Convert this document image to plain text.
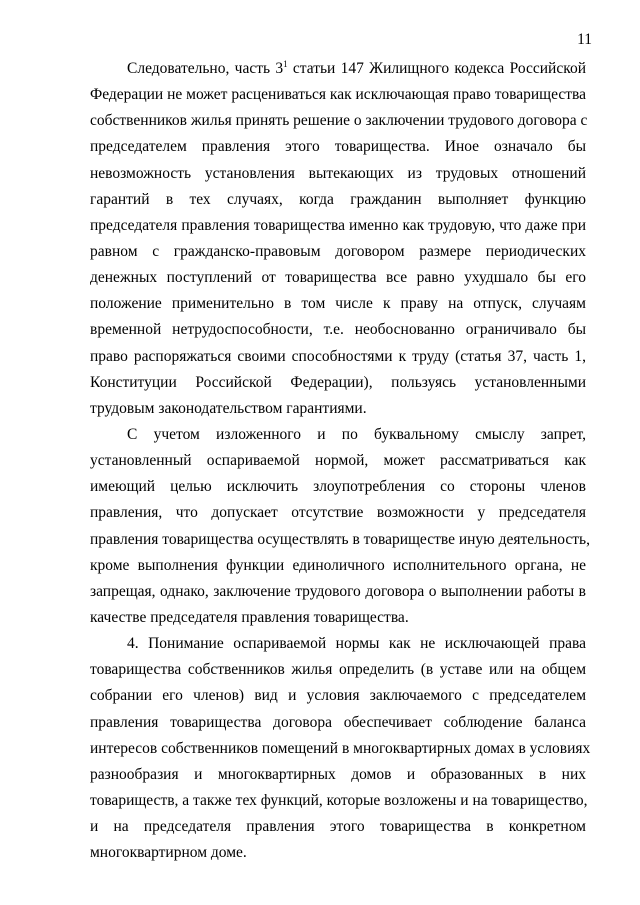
11
Следовательно, часть $3^1$ статьи 147 Жилищного кодекса Российской
Федерации не может расцениваться как исключающая право товарищества
собственников жилья принять решение о заключении трудового договора с
председателем правления этого товарищества. Иное означало бы
невозможность установления вытекающих из трудовых отношений
гарантий в тех случаях, когда гражданин выполняет функцию
председателя правления товарищества именно как трудовую, что даже при
равном с гражданско-правовым договором размере периодических
денежных поступлений от товарищества все равно ухудшало бы его
положение применительно в том числе к праву на отпуск, случаям
временной нетрудоспособности, т.е. необоснованно ограничивало бы
право распоряжаться своими способностями к труду (статья 37, часть 1,
Конституции Российской Федерации), пользуясь установленными
трудовым законодательством гарантиями.
С учетом изложенного и по буквальному смыслу запрет,
установленный оспариваемой нормой, может рассматриваться как
имеющий целью исключить злоупотребления со стороны членов
правления, что допускает отсутствие возможности у председателя
правления товарищества осуществлять в товариществе иную деятельность,
кроме выполнения функции единоличного исполнительного органа, не
запрещая, однако, заключение трудового договора о выполнении работы в
качестве председателя правления товарищества.
4. Понимание оспариваемой нормы как не исключающей права
товарищества собственников жилья определить (в уставе или на общем
собрании его членов) вид и условия заключаемого с председателем
правления товарищества договора обеспечивает соблюдение баланса
интересов собственников помещений в многоквартирных домах в условиях
разнообразия и многоквартирных домов и образованных в них
товариществ, а также тех функций, которые возложены и на товарищество,
и на председателя правления этого товарищества в конкретном
многоквартирном доме.
